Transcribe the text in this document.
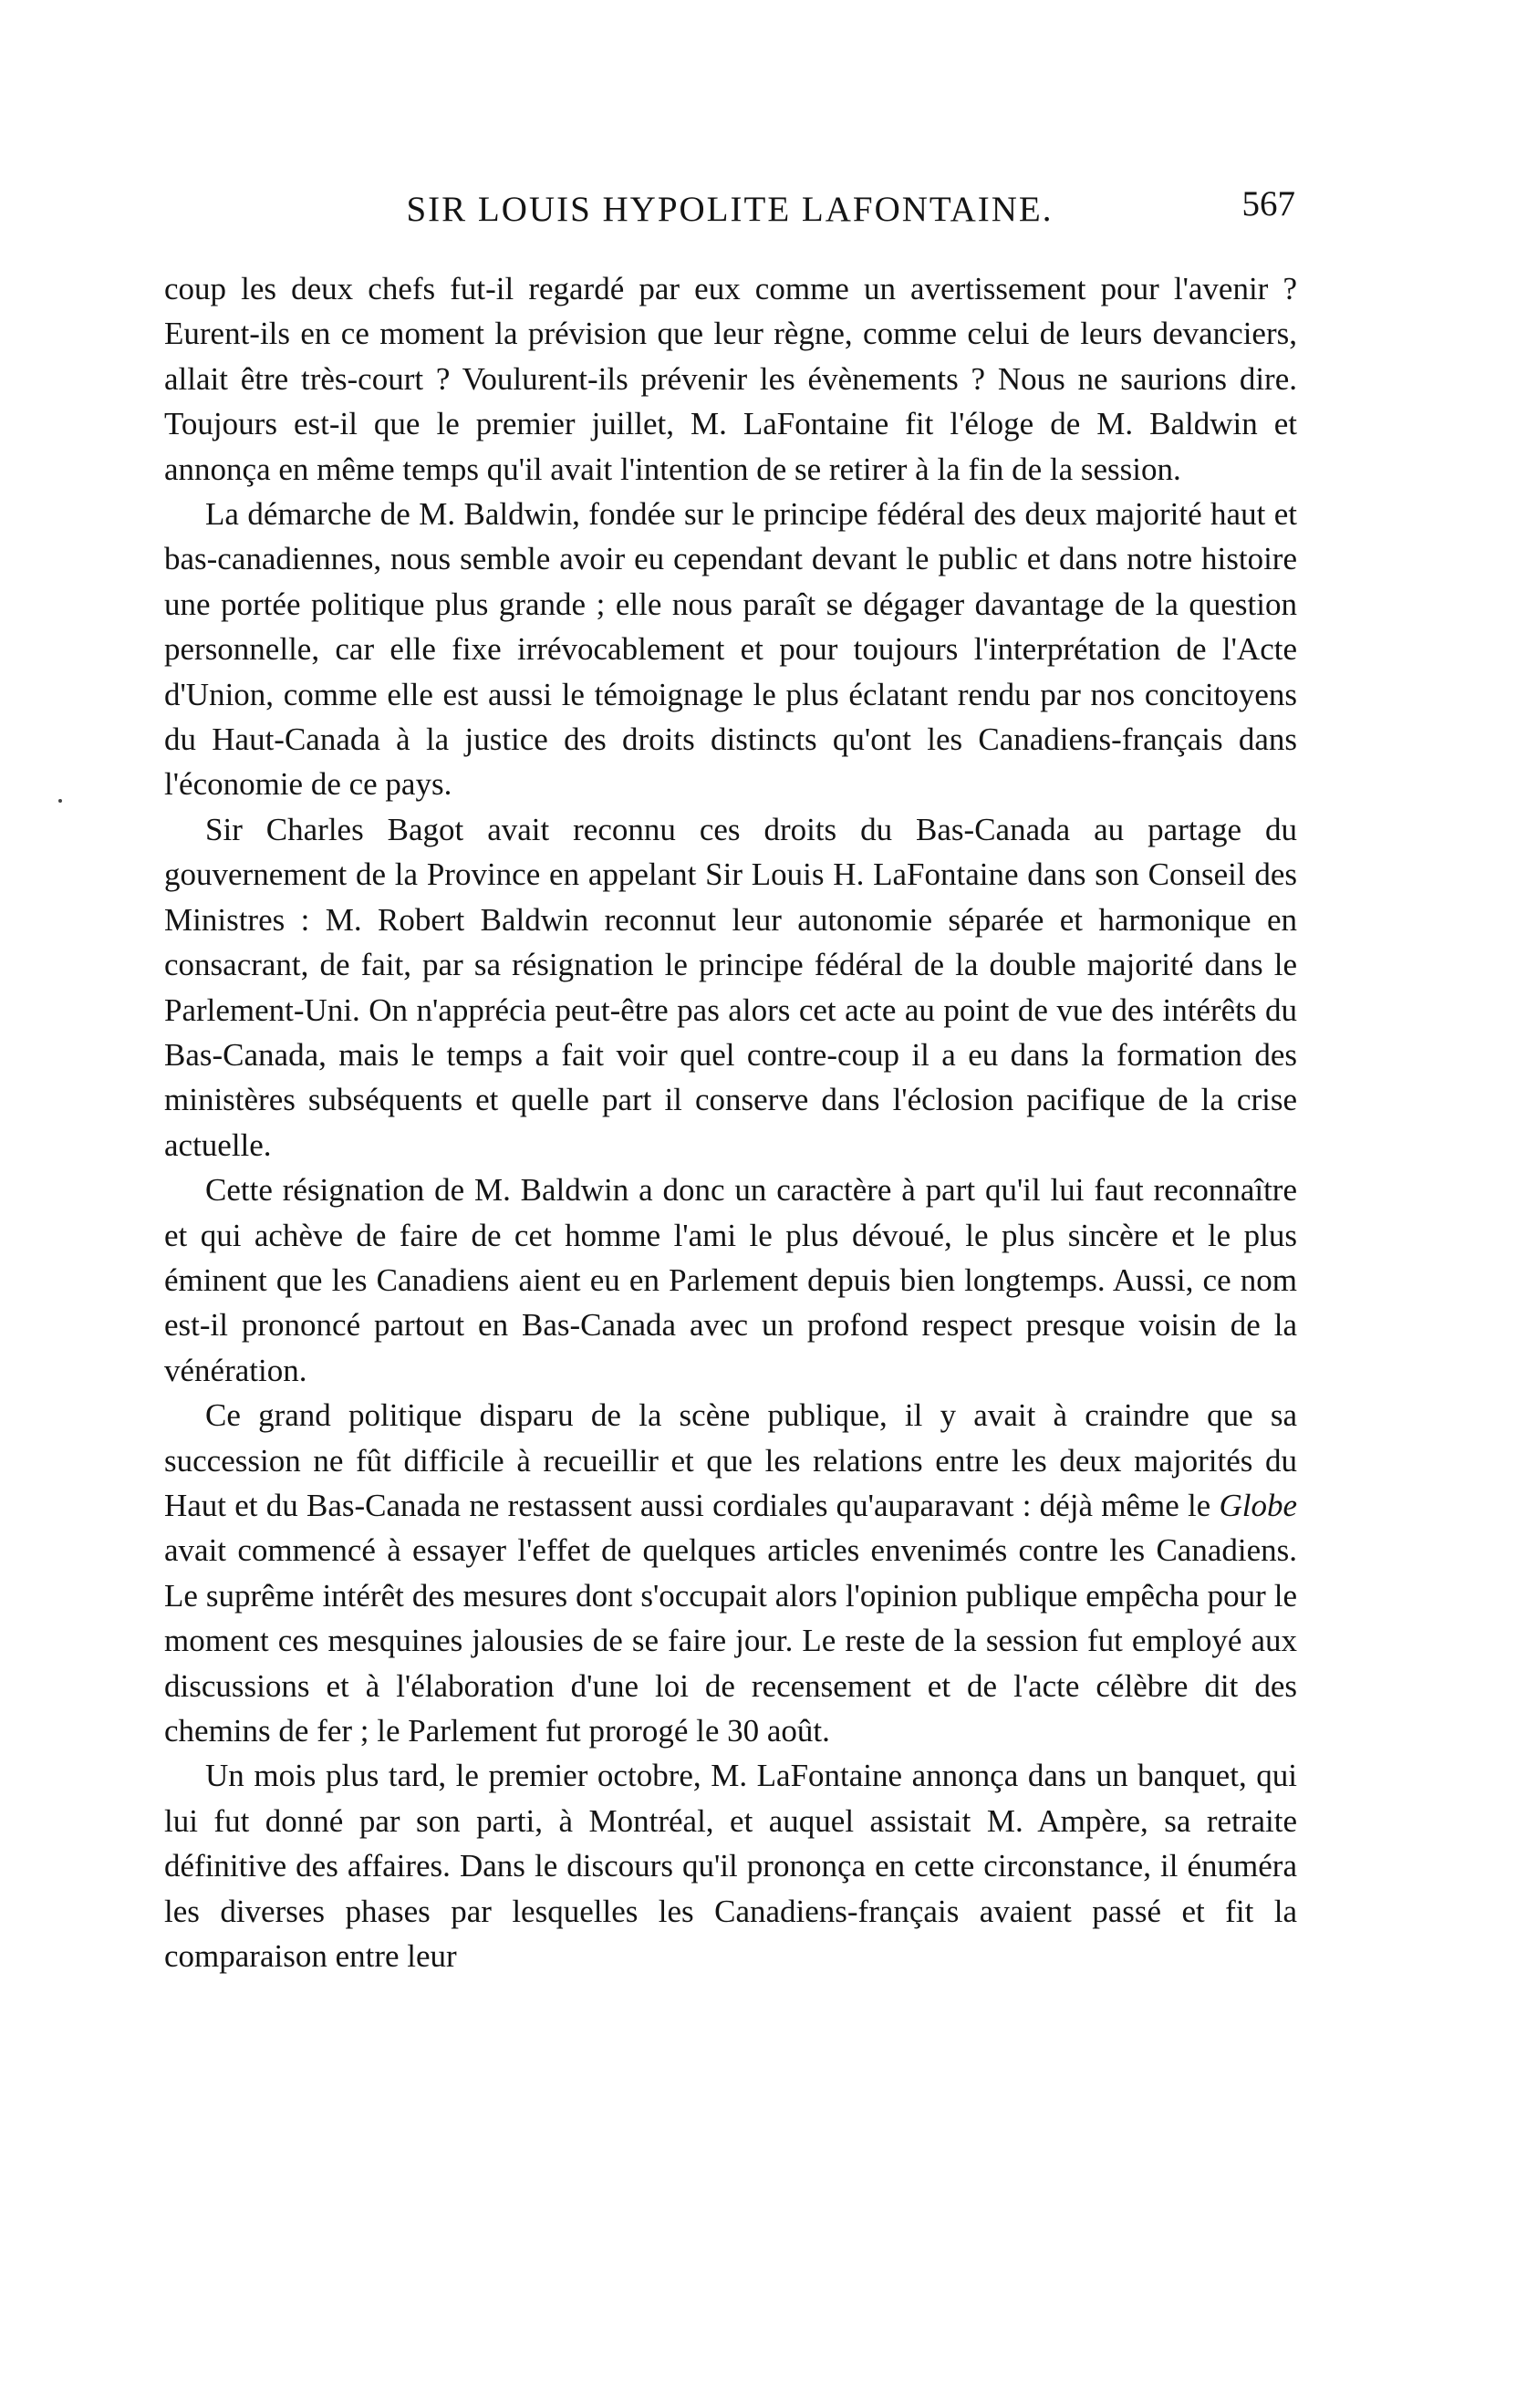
SIR LOUIS HYPOLITE LAFONTAINE.	567

coup les deux chefs fut-il regardé par eux comme un avertissement pour l'avenir ? Eurent-ils en ce moment la prévision que leur règne, comme celui de leurs devanciers, allait être très-court ? Voulurent-ils prévenir les évènements ? Nous ne saurions dire. Toujours est-il que le premier juillet, M. LaFontaine fit l'éloge de M. Baldwin et annonça en même temps qu'il avait l'intention de se retirer à la fin de la session.

La démarche de M. Baldwin, fondée sur le principe fédéral des deux majorité haut et bas-canadiennes, nous semble avoir eu cependant devant le public et dans notre histoire une portée politique plus grande ; elle nous paraît se dégager davantage de la question personnelle, car elle fixe irrévocablement et pour toujours l'interprétation de l'Acte d'Union, comme elle est aussi le témoignage le plus éclatant rendu par nos concitoyens du Haut-Canada à la justice des droits distincts qu'ont les Canadiens-français dans l'économie de ce pays.

Sir Charles Bagot avait reconnu ces droits du Bas-Canada au partage du gouvernement de la Province en appelant Sir Louis H. LaFontaine dans son Conseil des Ministres : M. Robert Baldwin reconnut leur autonomie séparée et harmonique en consacrant, de fait, par sa résignation le principe fédéral de la double majorité dans le Parlement-Uni. On n'apprécia peut-être pas alors cet acte au point de vue des intérêts du Bas-Canada, mais le temps a fait voir quel contre-coup il a eu dans la formation des ministères subséquents et quelle part il conserve dans l'éclosion pacifique de la crise actuelle.

Cette résignation de M. Baldwin a donc un caractère à part qu'il lui faut reconnaître et qui achève de faire de cet homme l'ami le plus dévoué, le plus sincère et le plus éminent que les Canadiens aient eu en Parlement depuis bien longtemps. Aussi, ce nom est-il prononcé partout en Bas-Canada avec un profond respect presque voisin de la vénération.

Ce grand politique disparu de la scène publique, il y avait à craindre que sa succession ne fût difficile à recueillir et que les relations entre les deux majorités du Haut et du Bas-Canada ne restassent aussi cordiales qu'auparavant : déjà même le Globe avait commencé à essayer l'effet de quelques articles envenimés contre les Canadiens. Le suprême intérêt des mesures dont s'occupait alors l'opinion publique empêcha pour le moment ces mesquines jalousies de se faire jour. Le reste de la session fut employé aux discussions et à l'élaboration d'une loi de recensement et de l'acte célèbre dit des chemins de fer ; le Parlement fut prorogé le 30 août.

Un mois plus tard, le premier octobre, M. LaFontaine annonça dans un banquet, qui lui fut donné par son parti, à Montréal, et auquel assistait M. Ampère, sa retraite définitive des affaires. Dans le discours qu'il prononça en cette circonstance, il énuméra les diverses phases par lesquelles les Canadiens-français avaient passé et fit la comparaison entre leur
